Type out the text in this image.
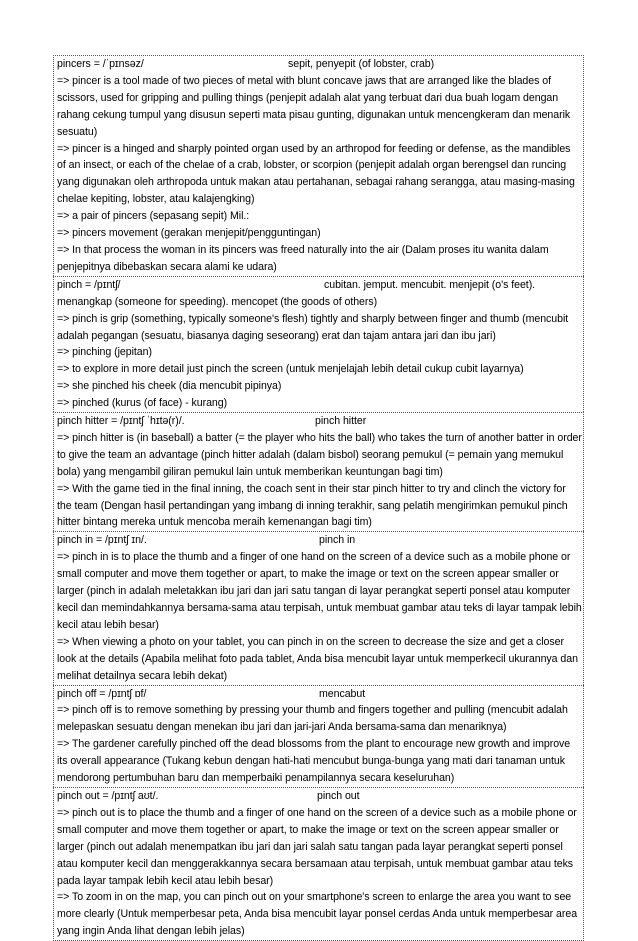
pincers = /ˈpɪnsəz/	sepit, penyepit (of lobster, crab)
=> pincer is a tool made of two pieces of metal with blunt concave jaws that are arranged like the blades of scissors, used for gripping and pulling things (penjepit adalah alat yang terbuat dari dua buah logam dengan rahang cekung tumpul yang disusun seperti mata pisau gunting, digunakan untuk mencengkeram dan menarik sesuatu)
=> pincer is a hinged and sharply pointed organ used by an arthropod for feeding or defense, as the mandibles of an insect, or each of the chelae of a crab, lobster, or scorpion (penjepit adalah organ berengsel dan runcing yang digunakan oleh arthropoda untuk makan atau pertahanan, sebagai rahang serangga, atau masing-masing chelae kepiting, lobster, atau kalajengking)
=> a pair of pincers (sepasang sepit) Mil.:
=> pincers movement (gerakan menjepit/pengguntingan)
=> In that process the woman in its pincers was freed naturally into the air (Dalam proses itu wanita dalam penjepitnya dibebaskan secara alami ke udara)
pinch = /pɪntʃ/	cubitan. jemput. mencubit. menjepit (o's feet).
menangkap (someone for speeding). mencopet (the goods of others)
=> pinch is grip (something, typically someone's flesh) tightly and sharply between finger and thumb (mencubit adalah pegangan (sesuatu, biasanya daging seseorang) erat dan tajam antara jari dan ibu jari)
=> pinching (jepitan)
=> to explore in more detail just pinch the screen (untuk menjelajah lebih detail cukup cubit layarnya)
=> she pinched his cheek (dia mencubit pipinya)
=> pinched (kurus (of face) - kurang)
pinch hitter = /pɪntʃ ˈhɪtə(r)/.	pinch hitter
=> pinch hitter is (in baseball) a batter (= the player who hits the ball) who takes the turn of another batter in order to give the team an advantage (pinch hitter adalah (dalam bisbol) seorang pemukul (= pemain yang memukul bola) yang mengambil giliran pemukul lain untuk memberikan keuntungan bagi tim)
=> With the game tied in the final inning, the coach sent in their star pinch hitter to try and clinch the victory for the team (Dengan hasil pertandingan yang imbang di inning terakhir, sang pelatih mengirimkan pemukul pinch hitter bintang mereka untuk mencoba meraih kemenangan bagi tim)
pinch in = /pɪntʃ ɪn/.	pinch in
=> pinch in is to place the thumb and a finger of one hand on the screen of a device such as a mobile phone or small computer and move them together or apart, to make the image or text on the screen appear smaller or larger (pinch in adalah meletakkan ibu jari dan jari satu tangan di layar perangkat seperti ponsel atau komputer kecil dan memindahkannya bersama-sama atau terpisah, untuk membuat gambar atau teks di layar tampak lebih kecil atau lebih besar)
=> When viewing a photo on your tablet, you can pinch in on the screen to decrease the size and get a closer look at the details (Apabila melihat foto pada tablet, Anda bisa mencubit layar untuk memperkecil ukurannya dan melihat detailnya secara lebih dekat)
pinch off = /pɪntʃ ɒf/	mencabut
=> pinch off is to remove something by pressing your thumb and fingers together and pulling (mencubit adalah melepaskan sesuatu dengan menekan ibu jari dan jari-jari Anda bersama-sama dan menariknya)
=> The gardener carefully pinched off the dead blossoms from the plant to encourage new growth and improve its overall appearance (Tukang kebun dengan hati-hati mencubut bunga-bunga yang mati dari tanaman untuk mendorong pertumbuhan baru dan memperbaiki penampilannya secara keseluruhan)
pinch out = /pɪntʃ aʊt/.	pinch out
=> pinch out is to place the thumb and a finger of one hand on the screen of a device such as a mobile phone or small computer and move them together or apart, to make the image or text on the screen appear smaller or larger (pinch out adalah menempatkan ibu jari dan jari salah satu tangan pada layar perangkat seperti ponsel atau komputer kecil dan menggerakkannya secara bersamaan atau terpisah, untuk membuat gambar atau teks pada layar tampak lebih kecil atau lebih besar)
=> To zoom in on the map, you can pinch out on your smartphone's screen to enlarge the area you want to see more clearly (Untuk memperbesar peta, Anda bisa mencubit layar ponsel cerdas Anda untuk memperbesar area yang ingin Anda lihat dengan lebih jelas)
